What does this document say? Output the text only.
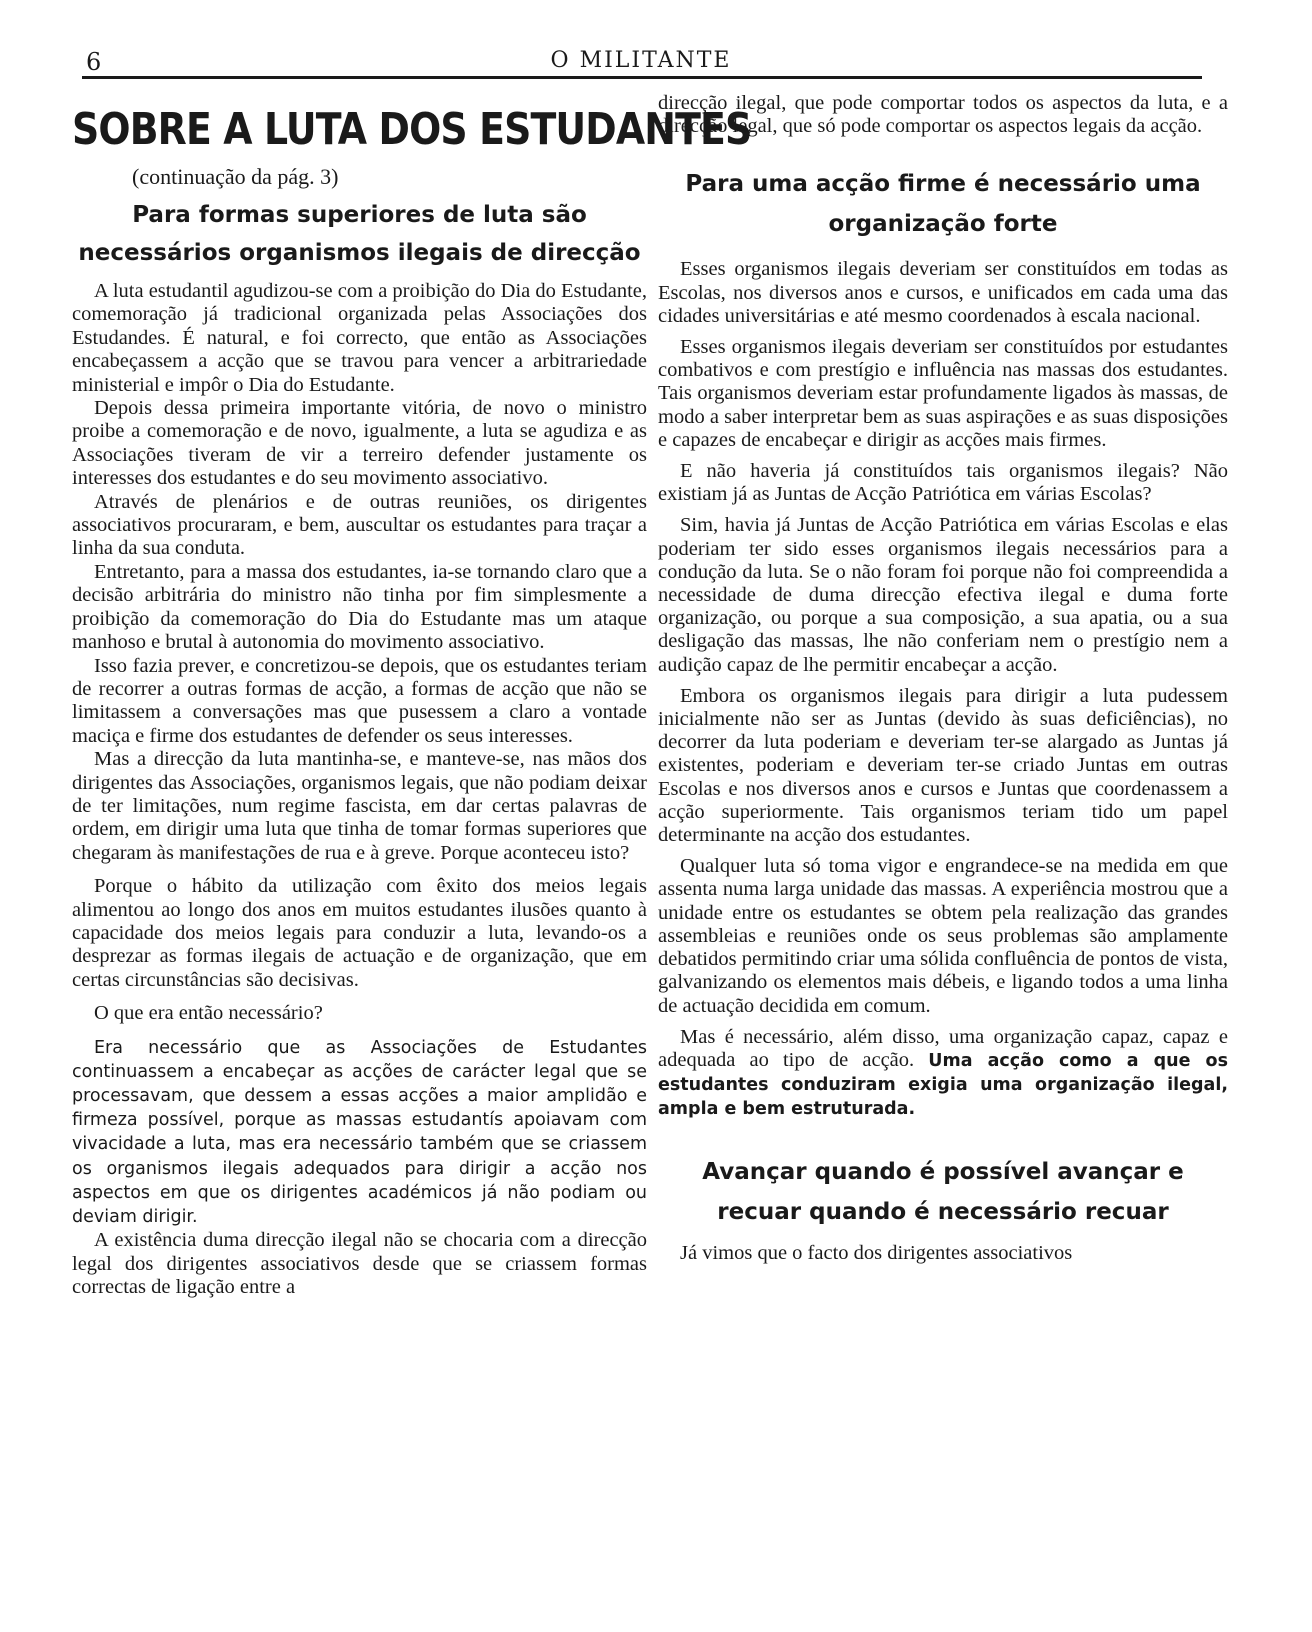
6	O MILITANTE
SOBRE A LUTA DOS ESTUDANTES
(continuação da pág. 3)
Para formas superiores de luta são necessários organismos ilegais de direcção

A luta estudantil agudizou-se com a proibição do Dia do Estudante, comemoração já tradicional organizada pelas Associações dos Estudandes. É natural, e foi correcto, que então as Associações encabeçassem a acção que se travou para vencer a arbitrariedade ministerial e impôr o Dia do Estudante.

Depois dessa primeira importante vitória, de novo o ministro proibe a comemoração e de novo, igualmente, a luta se agudiza e as Associações tiveram de vir a terreiro defender justamente os interesses dos estudantes e do seu movimento associativo.

Através de plenários e de outras reuniões, os dirigentes associativos procuraram, e bem, auscultar os estudantes para traçar a linha da sua conduta.

Entretanto, para a massa dos estudantes, ia-se tornando claro que a decisão arbitrária do ministro não tinha por fim simplesmente a proibição da comemoração do Dia do Estudante mas um ataque manhoso e brutal à autonomia do movimento associativo.

Isso fazia prever, e concretizou-se depois, que os estudantes teriam de recorrer a outras formas de acção, a formas de acção que não se limitassem a conversações mas que pusessem a claro a vontade maciça e firme dos estudantes de defender os seus interesses.

Mas a direcção da luta mantinha-se, e manteve-se, nas mãos dos dirigentes das Associações, organismos legais, que não podiam deixar de ter limitações, num regime fascista, em dar certas palavras de ordem, em dirigir uma luta que tinha de tomar formas superiores que chegaram às manifestações de rua e à greve. Porque aconteceu isto?

Porque o hábito da utilização com êxito dos meios legais alimentou ao longo dos anos em muitos estudantes ilusões quanto à capacidade dos meios legais para conduzir a luta, levando-os a desprezar as formas ilegais de actuação e de organização, que em certas circunstâncias são decisivas.

O que era então necessário?

Era necessário que as Associações de Estudantes continuassem a encabeçar as acções de carácter legal que se processavam, que dessem a essas acções a maior amplidão e firmeza possível, porque as massas estudantís apoiavam com vivacidade a luta, mas era necessário também que se criassem os organismos ilegais adequados para dirigir a acção nos aspectos em que os dirigentes académicos já não podiam ou deviam dirigir.

A existência duma direcção ilegal não se chocaria com a direcção legal dos dirigentes associativos desde que se criassem formas correctas de ligação entre a

direcção ilegal, que pode comportar todos os aspectos da luta, e a direcção legal, que só pode comportar os aspectos legais da acção.

Para uma acção firme é necessário uma organização forte

Esses organismos ilegais deveriam ser constituídos em todas as Escolas, nos diversos anos e cursos, e unificados em cada uma das cidades universitárias e até mesmo coordenados à escala nacional.

Esses organismos ilegais deveriam ser constituídos por estudantes combativos e com prestígio e influência nas massas dos estudantes. Tais organismos deveriam estar profundamente ligados às massas, de modo a saber interpretar bem as suas aspirações e as suas disposições e capazes de encabeçar e dirigir as acções mais firmes.

E não haveria já constituídos tais organismos ilegais? Não existiam já as Juntas de Acção Patriótica em várias Escolas?

Sim, havia já Juntas de Acção Patriótica em várias Escolas e elas poderiam ter sido esses organismos ilegais necessários para a condução da luta. Se o não foram foi porque não foi compreendida a necessidade de duma direcção efectiva ilegal e duma forte organização, ou porque a sua composição, a sua apatia, ou a sua desligação das massas, lhe não conferiam nem o prestígio nem a audição capaz de lhe permitir encabeçar a acção.

Embora os organismos ilegais para dirigir a luta pudessem inicialmente não ser as Juntas (devido às suas deficiências), no decorrer da luta poderiam e deveriam ter-se alargado as Juntas já existentes, poderiam e deveriam ter-se criado Juntas em outras Escolas e nos diversos anos e cursos e Juntas que coordenassem a acção superiormente. Tais organismos teriam tido um papel determinante na acção dos estudantes.

Qualquer luta só toma vigor e engrandece-se na medida em que assenta numa larga unidade das massas. A experiência mostrou que a unidade entre os estudantes se obtem pela realização das grandes assembleias e reuniões onde os seus problemas são amplamente debatidos permitindo criar uma sólida confluência de pontos de vista, galvanizando os elementos mais débeis, e ligando todos a uma linha de actuação decidida em comum.

Mas é necessário, além disso, uma organização capaz, capaz e adequada ao tipo de acção. Uma acção como a que os estudantes conduziram exigia uma organização ilegal, ampla e bem estruturada.

Avançar quando é possível avançar e recuar quando é necessário recuar

Já vimos que o facto dos dirigentes associativos
